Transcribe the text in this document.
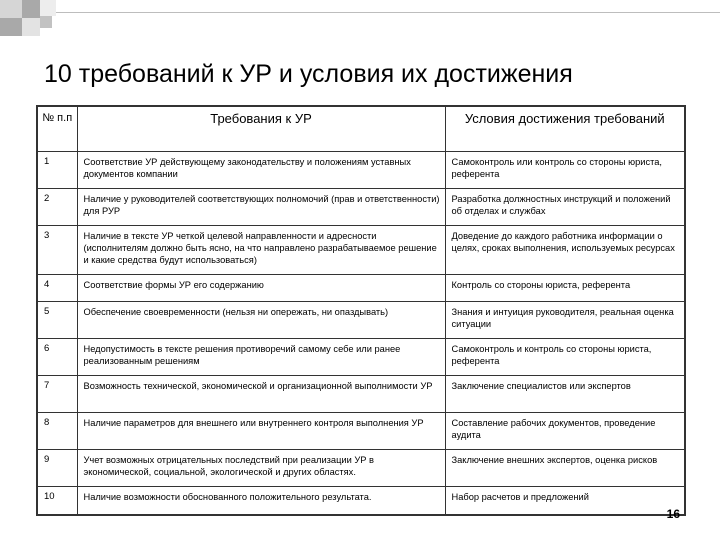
10 требований к УР и условия их достижения
№ п.п	Требования к УР	Условия достижения требований
1	Соответствие УР действующему законодательству и положениям уставных документов компании	Самоконтроль или контроль со стороны юриста, референта
2	Наличие у руководителей соответствующих полномочий (прав и ответственности) для РУР	Разработка должностных инструкций и положений об отделах и службах
3	Наличие в тексте УР четкой целевой направленности и адресности (исполнителям должно быть ясно, на что направлено разрабатываемое решение и какие средства будут использоваться)	Доведение до каждого работника информации о целях, сроках выполнения, используемых ресурсах
4	Соответствие формы УР его содержанию	Контроль со стороны юриста, референта
5	Обеспечение своевременности (нельзя ни опережать, ни опаздывать)	Знания и интуиция руководителя, реальная оценка ситуации
6	Недопустимость в тексте решения противоречий самому себе или ранее реализованным решениям	Самоконтроль и контроль со стороны юриста, референта
7	Возможность технической, экономической и организационной выполнимости УР	Заключение специалистов или экспертов
8	Наличие параметров для внешнего или внутреннего контроля выполнения УР	Составление рабочих документов, проведение аудита
9	Учет возможных отрицательных последствий при реализации УР в экономической, социальной, экологической и других областях.	Заключение внешних экспертов, оценка рисков
10	Наличие возможности обоснованного положительного результата.	Набор расчетов и предложений
16
